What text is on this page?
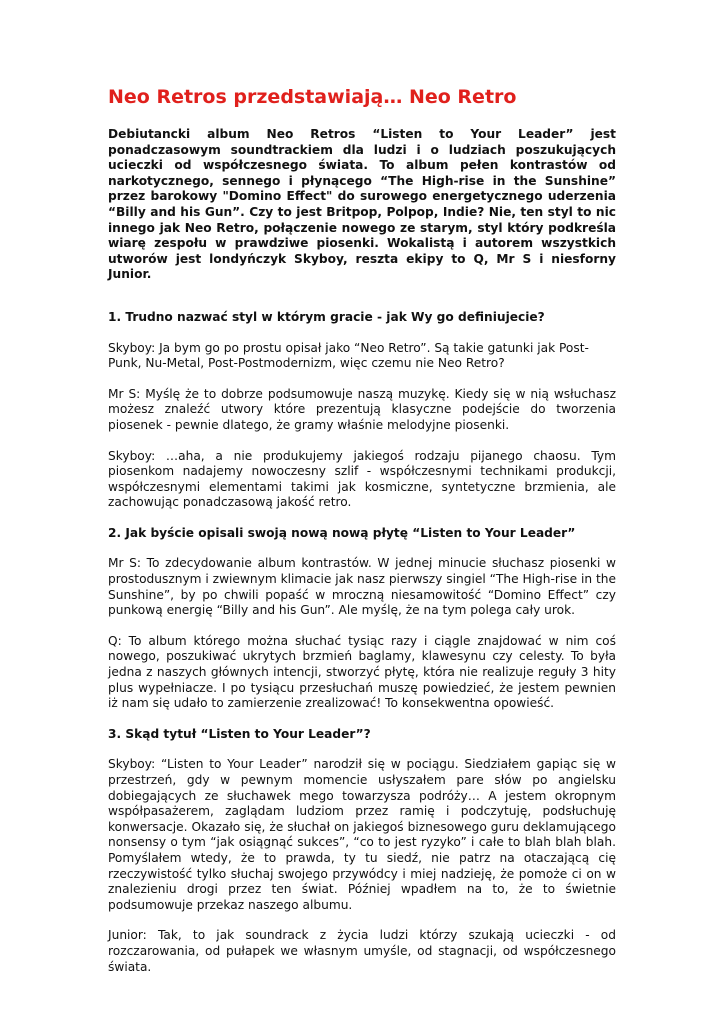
Neo Retros przedstawiają… Neo Retro

Debiutancki album Neo Retros “Listen to Your Leader” jest ponadczasowym soundtrackiem dla ludzi i o ludziach poszukujących ucieczki od współczesnego świata. To album pełen kontrastów od narkotycznego, sennego i płynącego “The High-rise in the Sunshine” przez barokowy "Domino Effect" do surowego energetycznego uderzenia “Billy and his Gun”. Czy to jest Britpop, Polpop, Indie? Nie, ten styl to nic innego jak Neo Retro, połączenie nowego ze starym, styl który podkreśla wiarę zespołu w prawdziwe piosenki. Wokalistą i autorem wszystkich utworów jest londyńczyk Skyboy, reszta ekipy to Q, Mr S i niesforny Junior.

1. Trudno nazwać styl w którym gracie - jak Wy go definiujecie?

Skyboy: Ja bym go po prostu opisał jako “Neo Retro”. Są takie gatunki jak Post-Punk, Nu-Metal, Post-Postmodernizm, więc czemu nie Neo Retro?

Mr S: Myślę że to dobrze podsumowuje naszą muzykę. Kiedy się w nią wsłuchasz możesz znaleźć utwory które prezentują klasyczne podejście do tworzenia piosenek - pewnie dlatego, że gramy właśnie melodyjne piosenki.

Skyboy: …aha, a nie produkujemy jakiegoś rodzaju pijanego chaosu. Tym piosenkom nadajemy nowoczesny szlif - współczesnymi technikami produkcji, współczesnymi elementami takimi jak kosmiczne, syntetyczne brzmienia, ale zachowując ponadczasową jakość retro.

2. Jak byście opisali swoją nową nową płytę “Listen to Your Leader”

Mr S: To zdecydowanie album kontrastów. W jednej minucie słuchasz piosenki w prostodusznym i zwiewnym klimacie jak nasz pierwszy singiel “The High-rise in the Sunshine”, by po chwili popaść w mroczną niesamowitość “Domino Effect” czy punkową energię “Billy and his Gun”. Ale myślę, że na tym polega cały urok.

Q: To album którego można słuchać tysiąc razy i ciągle znajdować w nim coś nowego, poszukiwać ukrytych brzmień baglamy, klawesynu czy celesty. To była jedna z naszych głównych intencji, stworzyć płytę, która nie realizuje reguły 3 hity plus wypełniacze. I po tysiącu przesłuchań muszę powiedzieć, że jestem pewnien iż nam się udało to zamierzenie zrealizować! To konsekwentna opowieść.

3. Skąd tytuł “Listen to Your Leader”?

Skyboy: “Listen to Your Leader” narodził się w pociągu. Siedziałem gapiąc się w przestrzeń, gdy w pewnym momencie usłyszałem pare słów po angielsku dobiegających ze słuchawek mego towarzysza podróży… A jestem okropnym współpasażerem, zaglądam ludziom przez ramię i podczytuję, podsłuchuję konwersacje. Okazało się, że słuchał on jakiegoś biznesowego guru deklamującego nonsensy o tym “jak osiągnąć sukces”, “co to jest ryzyko” i całe to blah blah blah. Pomyślałem wtedy, że to prawda, ty tu siedź, nie patrz na otaczającą cię rzeczywistość tylko słuchaj swojego przywódcy i miej nadzieję, że pomoże ci on w znalezieniu drogi przez ten świat. Później wpadłem na to, że to świetnie podsumowuje przekaz naszego albumu.

Junior: Tak, to jak soundrack z życia ludzi którzy szukają ucieczki - od rozczarowania, od pułapek we własnym umyśle, od stagnacji, od współczesnego świata.
